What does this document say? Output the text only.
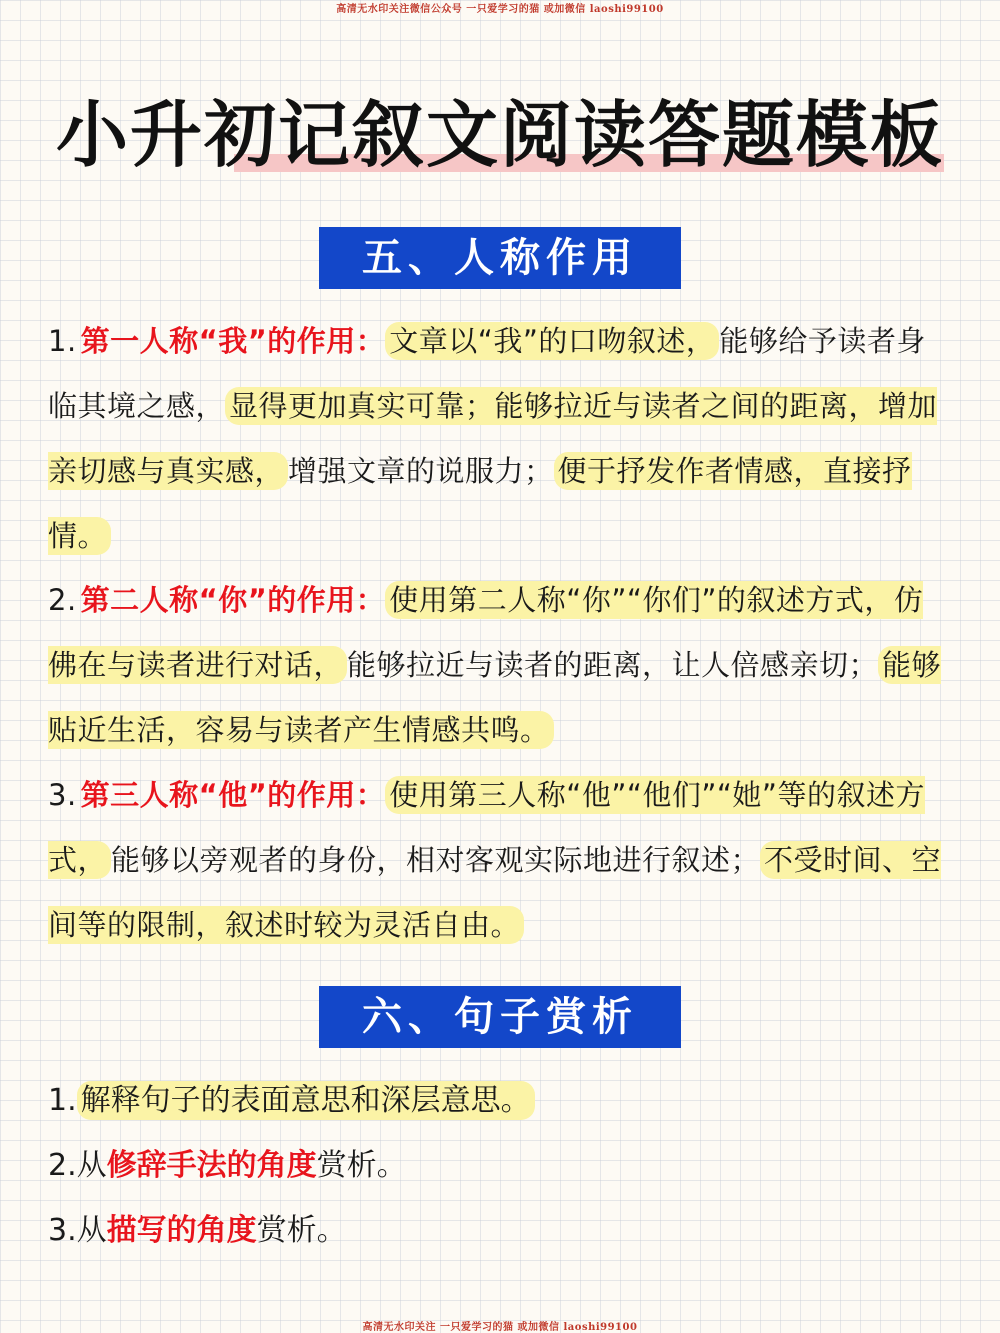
高清无水印关注微信公众号 一只爱学习的猫 或加微信 laoshi99100
小升初记叙文阅读答题模板
五、人称作用
1. 第一人称“我”的作用： 文章以“我”的口吻叙述， 能够给予读者身临其境之感， 显得更加真实可靠；能够拉近与读者之间的距离，增加亲切感与真实感， 增强文章的说服力； 便于抒发作者情感，直接抒情。
2. 第二人称“你”的作用： 使用第二人称“你”“你们”的叙述方式，仿佛在与读者进行对话， 能够拉近与读者的距离，让人倍感亲切； 能够贴近生活，容易与读者产生情感共鸣。
3. 第三人称“他”的作用： 使用第三人称“他”“他们”“她”等的叙述方式， 能够以旁观者的身份，相对客观实际地进行叙述； 不受时间、空间等的限制，叙述时较为灵活自由。
六、句子赏析
1. 解释句子的表面意思和深层意思。
2.从修辞手法的角度赏析。
3.从描写的角度赏析。
高清无水印关注 一只爱学习的猫 或加微信 laoshi99100
